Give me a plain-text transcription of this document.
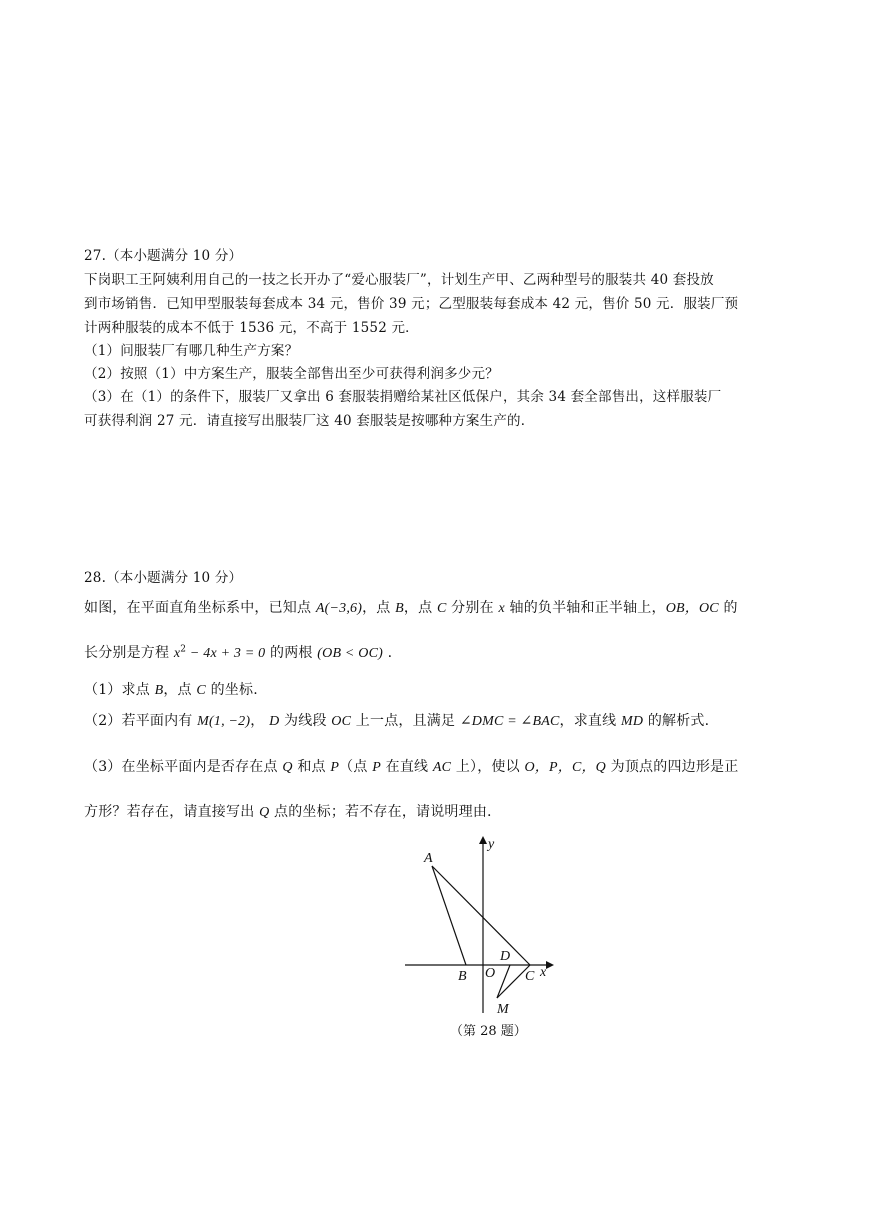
27.（本小题满分 10 分）
下岗职工王阿姨利用自己的一技之长开办了“爱心服装厂”，计划生产甲、乙两种型号的服装共 40 套投放
到市场销售．已知甲型服装每套成本 34 元，售价 39 元；乙型服装每套成本 42 元，售价 50 元．服装厂预
计两种服装的成本不低于 1536 元，不高于 1552 元．
（1）问服装厂有哪几种生产方案？
（2）按照（1）中方案生产，服装全部售出至少可获得利润多少元？
（3）在（1）的条件下，服装厂又拿出 6 套服装捐赠给某社区低保户，其余 34 套全部售出，这样服装厂
可获得利润 27 元．请直接写出服装厂这 40 套服装是按哪种方案生产的．
28.（本小题满分 10 分）
如图，在平面直角坐标系中，已知点 A(−3,6)，点 B，点 C 分别在 x 轴的负半轴和正半轴上，OB，OC 的
长分别是方程 $x^2 - 4x + 3 = 0$ 的两根 (OB < OC) .
（1）求点 B，点 C 的坐标.
（2）若平面内有 M(1, −2)， D 为线段 OC 上一点，且满足 ∠DMC = ∠BAC，求直线 MD 的解析式.
（3）在坐标平面内是否存在点 Q 和点 P（点 P 在直线 AC 上），使以 O，P，C，Q 为顶点的四边形是正
方形？若存在，请直接写出 Q 点的坐标；若不存在，请说明理由.
A
B O C
D
M
x
y
（第 28 题）
